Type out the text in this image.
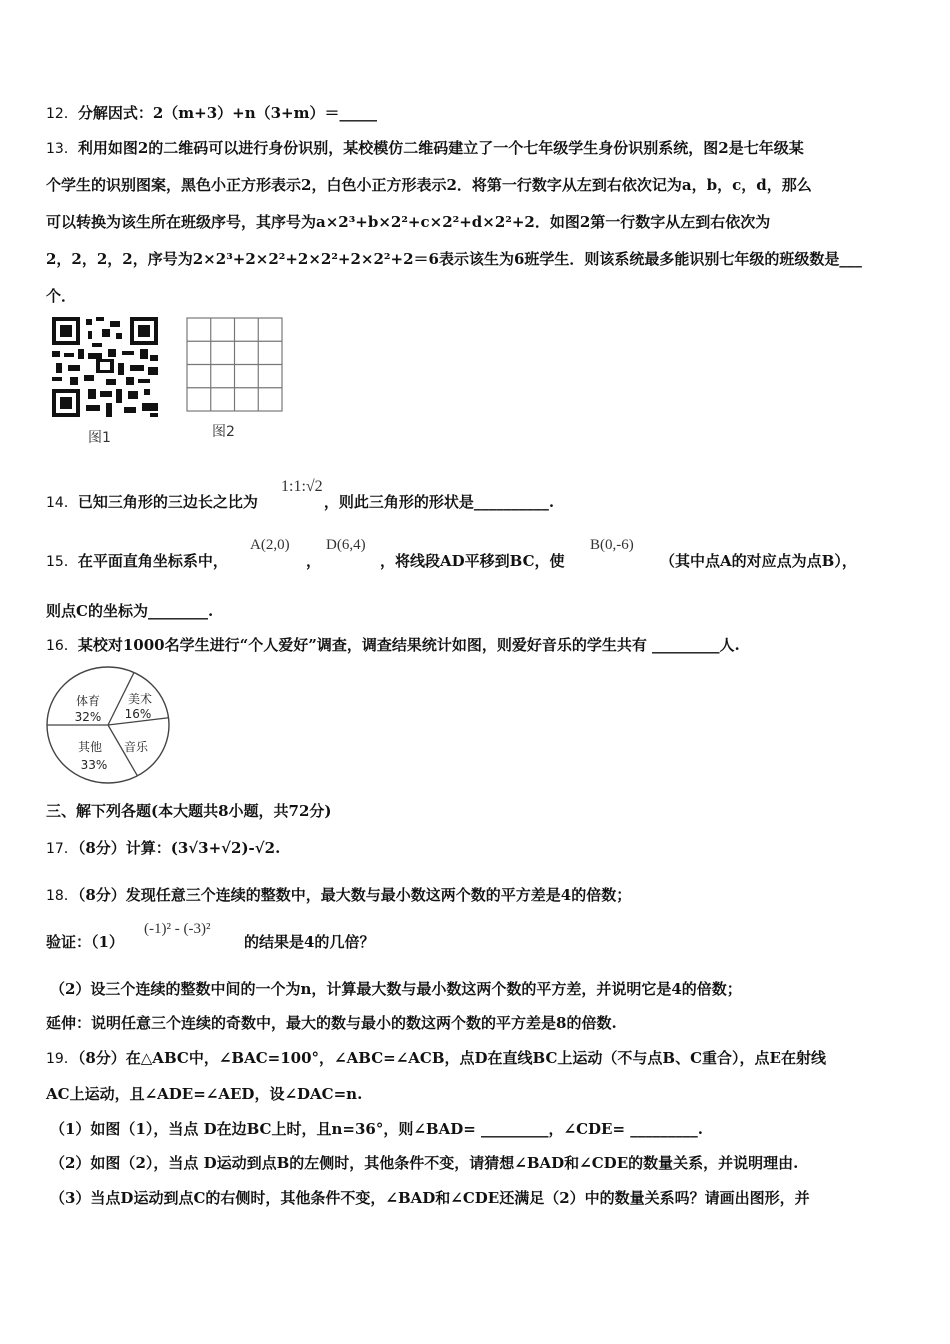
12．分解因式：2（m+3）+n（3+m）＝_____
13．利用如图2的二维码可以进行身份识别，某校模仿二维码建立了一个七年级学生身份识别系统，图2是七年级某
个学生的识别图案，黑色小正方形表示2，白色小正方形表示2．将第一行数字从左到右依次记为a，b，c，d，那么
可以转换为该生所在班级序号，其序号为a×2³+b×2²+c×2²+d×2²+2．如图2第一行数字从左到右依次为
2，2，2，2，序号为2×2³+2×2²+2×2²+2×2²+2＝6表示该生为6班学生．则该系统最多能识别七年级的班级数是___
个．
图1	图2
14．已知三角形的三边长之比为	，则此三角形的形状是__________.
1:1:√2
15．在平面直角坐标系中，
A(2,0)
，
D(6,4)
，将线段AD平移到BC，使
B(0,-6)
（其中点A的对应点为点B），
则点C的坐标为________.
16．某校对1000名学生进行“个人爱好”调查，调查结果统计如图，则爱好音乐的学生共有 _________人.
体育
32%
美术
16%
音乐
其他
33%
三、解下列各题(本大题共8小题，共72分)
17．（8分）计算：(3√3+√2)-√2.
18．（8分）发现任意三个连续的整数中，最大数与最小数这两个数的平方差是4的倍数；
验证：（1）
(-1)² - (-3)²
的结果是4的几倍？
（2）设三个连续的整数中间的一个为n，计算最大数与最小数这两个数的平方差，并说明它是4的倍数；
延伸：说明任意三个连续的奇数中，最大的数与最小的数这两个数的平方差是8的倍数.
19．（8分）在△ABC中，∠BAC=100°，∠ABC=∠ACB，点D在直线BC上运动（不与点B、C重合），点E在射线
AC上运动，且∠ADE=∠AED，设∠DAC=n.
（1）如图（1），当点 D在边BC上时，且n=36°，则∠BAD= _________，∠CDE= _________.
（2）如图（2），当点 D运动到点B的左侧时，其他条件不变，请猜想∠BAD和∠CDE的数量关系，并说明理由.
（3）当点D运动到点C的右侧时，其他条件不变，∠BAD和∠CDE还满足（2）中的数量关系吗？请画出图形，并
